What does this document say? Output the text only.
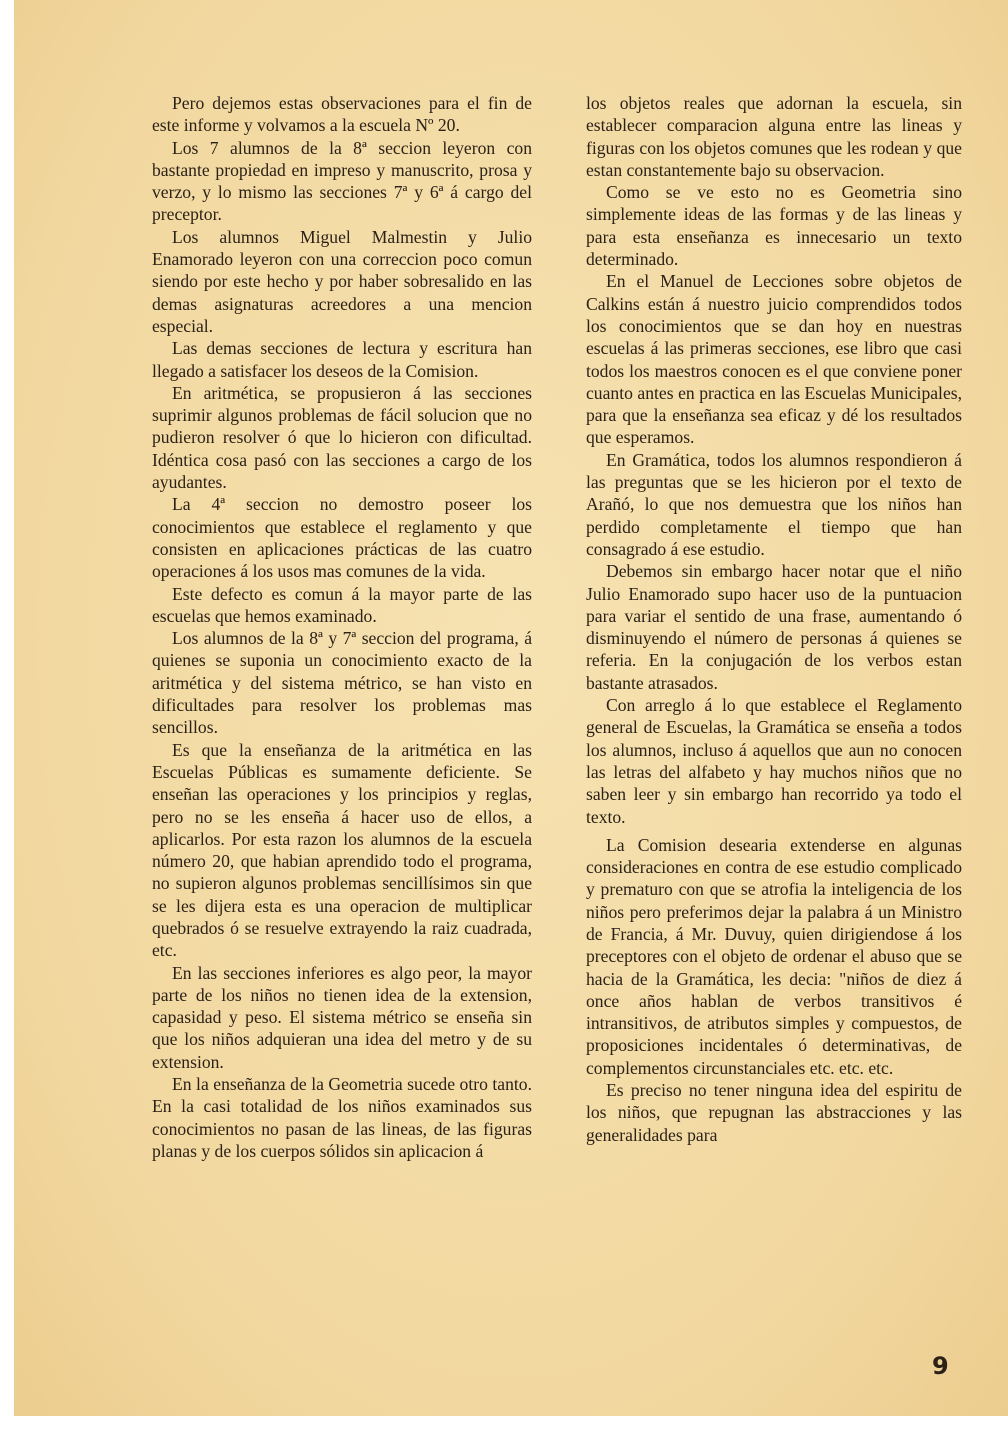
Pero dejemos estas observaciones para el fin de este informe y volvamos a la escuela Nº 20.

Los 7 alumnos de la 8ª seccion leyeron con bastante propiedad en impreso y manuscrito, prosa y verzo, y lo mismo las secciones 7ª y 6ª á cargo del preceptor.

Los alumnos Miguel Malmestin y Julio Enamorado leyeron con una correccion poco comun siendo por este hecho y por haber sobresalido en las demas asignaturas acreedores a una mencion especial.

Las demas secciones de lectura y escritura han llegado a satisfacer los deseos de la Comision.

En aritmética, se propusieron á las secciones suprimir algunos problemas de fácil solucion que no pudieron resolver ó que lo hicieron con dificultad. Idéntica cosa pasó con las secciones a cargo de los ayudantes.

La 4ª seccion no demostro poseer los conocimientos que establece el reglamento y que consisten en aplicaciones prácticas de las cuatro operaciones á los usos mas comunes de la vida.

Este defecto es comun á la mayor parte de las escuelas que hemos examinado.

Los alumnos de la 8ª y 7ª seccion del programa, á quienes se suponia un conocimiento exacto de la aritmética y del sistema métrico, se han visto en dificultades para resolver los problemas mas sencillos.

Es que la enseñanza de la aritmética en las Escuelas Públicas es sumamente deficiente. Se enseñan las operaciones y los principios y reglas, pero no se les enseña á hacer uso de ellos, a aplicarlos. Por esta razon los alumnos de la escuela número 20, que habian aprendido todo el programa, no supieron algunos problemas sencillísimos sin que se les dijera esta es una operacion de multiplicar quebrados ó se resuelve extrayendo la raiz cuadrada, etc.

En las secciones inferiores es algo peor, la mayor parte de los niños no tienen idea de la extension, capasidad y peso. El sistema métrico se enseña sin que los niños adquieran una idea del metro y de su extension.

En la enseñanza de la Geometria sucede otro tanto. En la casi totalidad de los niños examinados sus conocimientos no pasan de las lineas, de las figuras planas y de los cuerpos sólidos sin aplicacion á

los objetos reales que adornan la escuela, sin establecer comparacion alguna entre las lineas y figuras con los objetos comunes que les rodean y que estan constantemente bajo su observacion.

Como se ve esto no es Geometria sino simplemente ideas de las formas y de las lineas y para esta enseñanza es innecesario un texto determinado.

En el Manuel de Lecciones sobre objetos de Calkins están á nuestro juicio comprendidos todos los conocimientos que se dan hoy en nuestras escuelas á las primeras secciones, ese libro que casi todos los maestros conocen es el que conviene poner cuanto antes en practica en las Escuelas Municipales, para que la enseñanza sea eficaz y dé los resultados que esperamos.

En Gramática, todos los alumnos respondieron á las preguntas que se les hicieron por el texto de Arañó, lo que nos demuestra que los niños han perdido completamente el tiempo que han consagrado á ese estudio.

Debemos sin embargo hacer notar que el niño Julio Enamorado supo hacer uso de la puntuacion para variar el sentido de una frase, aumentando ó disminuyendo el número de personas á quienes se referia. En la conjugación de los verbos estan bastante atrasados.

Con arreglo á lo que establece el Reglamento general de Escuelas, la Gramática se enseña a todos los alumnos, incluso á aquellos que aun no conocen las letras del alfabeto y hay muchos niños que no saben leer y sin embargo han recorrido ya todo el texto.

La Comision desearia extenderse en algunas consideraciones en contra de ese estudio complicado y prematuro con que se atrofia la inteligencia de los niños pero preferimos dejar la palabra á un Ministro de Francia, á Mr. Duvuy, quien dirigiendose á los preceptores con el objeto de ordenar el abuso que se hacia de la Gramática, les decia: "niños de diez á once años hablan de verbos transitivos é intransitivos, de atributos simples y compuestos, de proposiciones incidentales ó determinativas, de complementos circunstanciales etc. etc. etc.

Es preciso no tener ninguna idea del espiritu de los niños, que repugnan las abstracciones y las generalidades para

9
